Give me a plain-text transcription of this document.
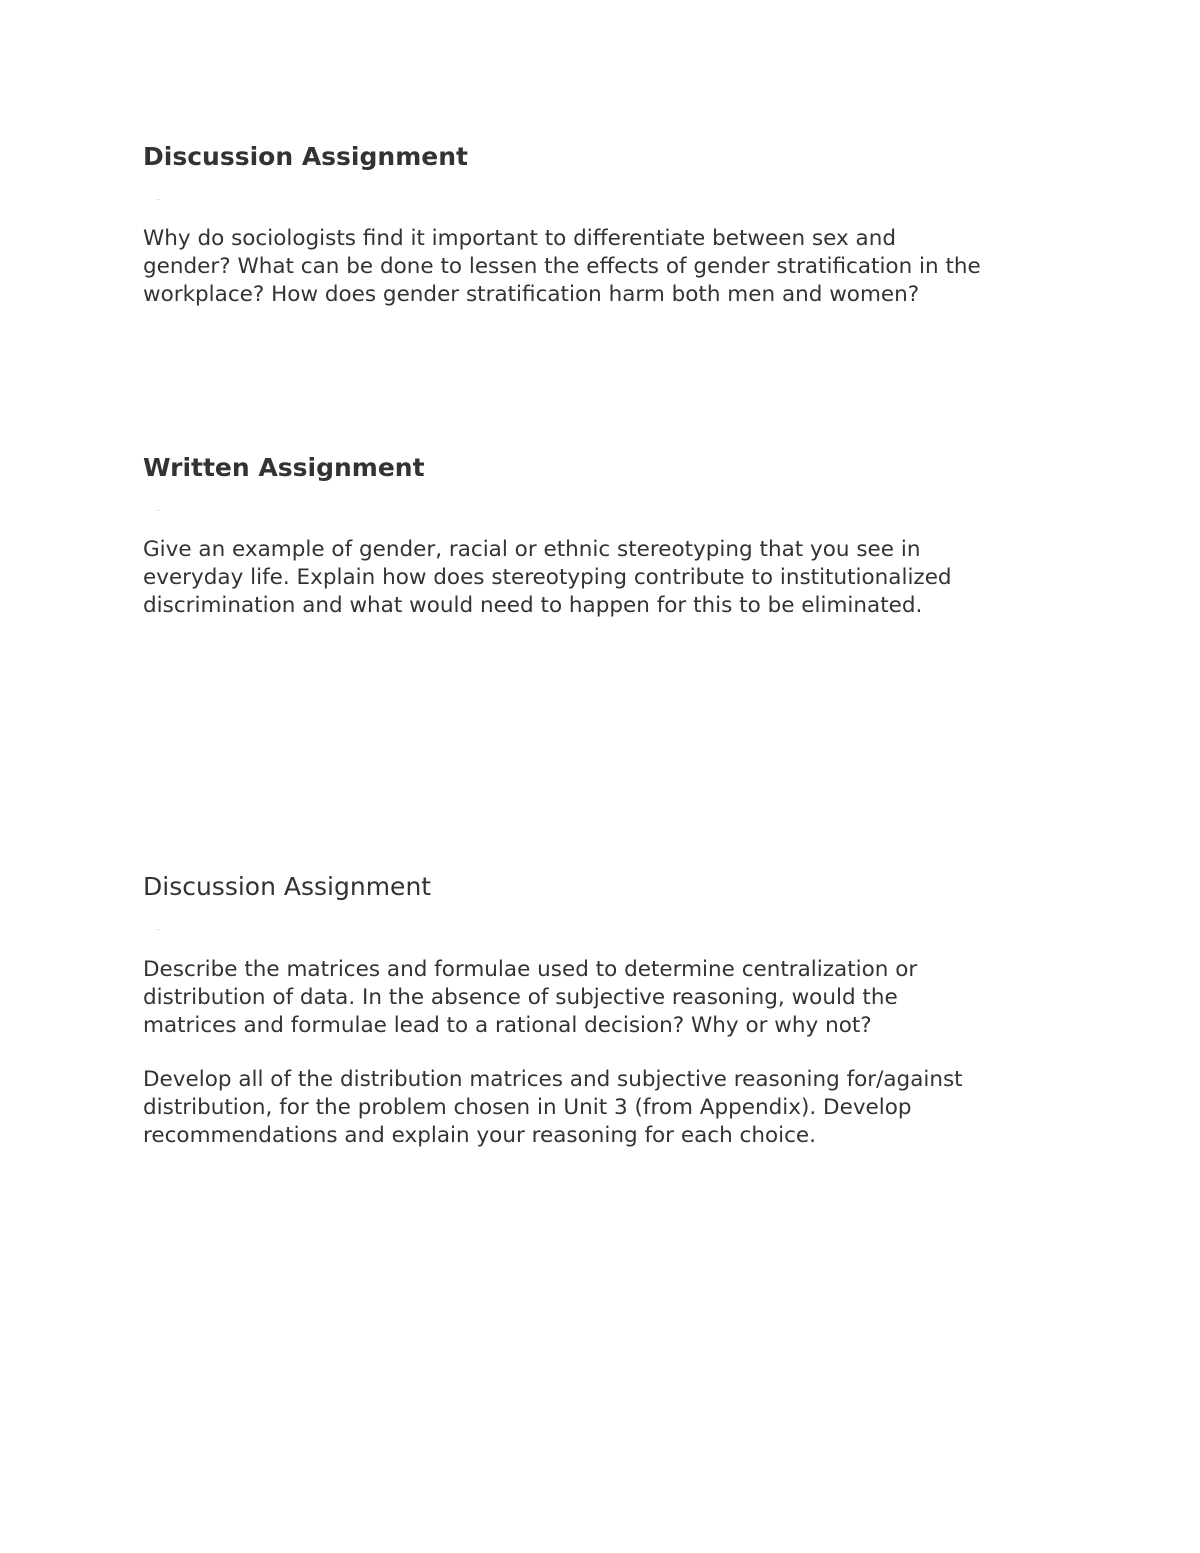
Discussion Assignment

Why do sociologists find it important to differentiate between sex and
gender? What can be done to lessen the effects of gender stratification in the
workplace? How does gender stratification harm both men and women?

Written Assignment

Give an example of gender, racial or ethnic stereotyping that you see in
everyday life. Explain how does stereotyping contribute to institutionalized
discrimination and what would need to happen for this to be eliminated.

Discussion Assignment

Describe the matrices and formulae used to determine centralization or
distribution of data. In the absence of subjective reasoning, would the
matrices and formulae lead to a rational decision? Why or why not?

Develop all of the distribution matrices and subjective reasoning for/against
distribution, for the problem chosen in Unit 3 (from Appendix). Develop
recommendations and explain your reasoning for each choice.
